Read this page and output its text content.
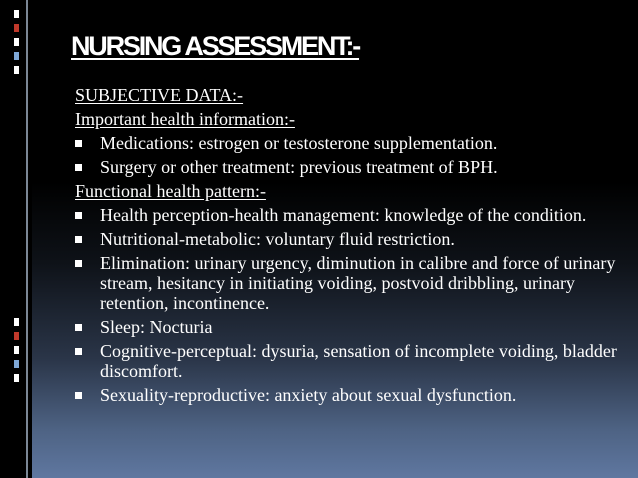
NURSING ASSESSMENT:-
SUBJECTIVE DATA:-
Important health information:-
Medications: estrogen or testosterone supplementation.
Surgery or other treatment: previous treatment of BPH.
Functional health pattern:-
Health perception-health management: knowledge of the condition.
Nutritional-metabolic: voluntary fluid restriction.
Elimination: urinary urgency, diminution in calibre and force of urinary stream, hesitancy in initiating voiding, postvoid dribbling, urinary retention, incontinence.
Sleep: Nocturia
Cognitive-perceptual: dysuria, sensation of incomplete voiding, bladder discomfort.
Sexuality-reproductive: anxiety about sexual dysfunction.
